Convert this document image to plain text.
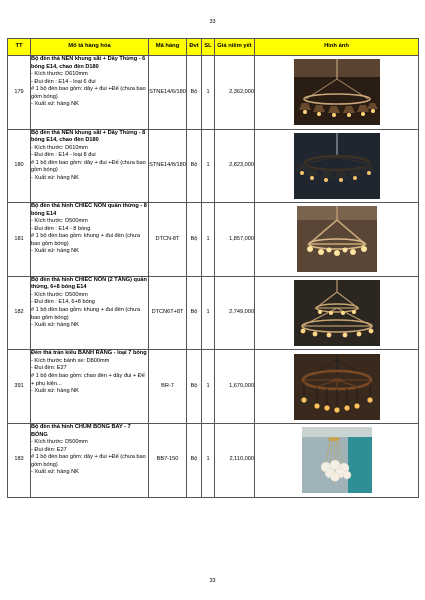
33
TT	Mô tả hàng hóa	Mã hàng	Đvt	SL	Giá niêm yết	Hình ảnh
179	Bộ đèn thả NẾN khung sắt + Dây Thừng - 6 bóng E14, chao đèn D180
- Kích thước: D610mm
- Đui đèn : E14 - loại 6 đui
# 1 bộ đèn bao gồm: dây + đui +Đế (chưa bao gồm bóng)
- Xuất xứ: hàng NK	STNE14/6/180	Bộ	1	2,362,000	

180	Bộ đèn thả NẾN khung sắt + Dây Thừng - 8 bóng E14, chao đèn D180
- Kích thước: D610mm
- Đui đèn : E14 - loại 8 đui
# 1 bộ đèn bao gồm: dây + đui +Đế (chưa bao gồm bóng)
- Xuất xứ: hàng NK	STNE14/8/180	Bộ	1	2,823,000	

181	Bộ đèn thả hình CHIẾC NÓN quấn thừng - 8 bóng E14
- Kích thước: D500mm
- Đui đèn : E14 - 8 bóng
# 1 bộ đèn bao gồm: khung + đui đèn (chưa bao gồm bóng)
- Xuất xứ: hàng NK	DTCN-8T	Bộ	1	1,857,000	

182	Bộ đèn thả hình CHIẾC NÓN (2 TẦNG) quấn thừng, 6+8 bóng E14
- Kích thước: D500mm
- Đui đèn : E14, 6+8 bóng
# 1 bộ đèn bao gồm: khung + đui đèn (chưa bao gồm bóng)
- Xuất xứ: hàng NK	DTCN6T+8T	Bộ	1	2,749,000	

391	Đèn thả trần kiểu BÁNH RĂNG - loại 7 bóng
- Kích thước bánh xe: D800mm
- Đui đèn: E27
# 1 bộ đèn bao gồm: chao đèn + dây đui + Đế + phụ kiện...
- Xuất xứ: hàng NK	BR-7	Bộ	1	1,670,000	

183	Bộ đèn thả hình CHÙM BÓNG BAY - 7 BÓNG
- Kích thước: D500mm
- Đui đèn: E27
# 1 bộ đèn bao gồm: dây + đui +Đế (chưa bao gồm bóng)
- Xuất xứ: hàng NK	BB7-150	Bộ	1	2,110,000	
33
